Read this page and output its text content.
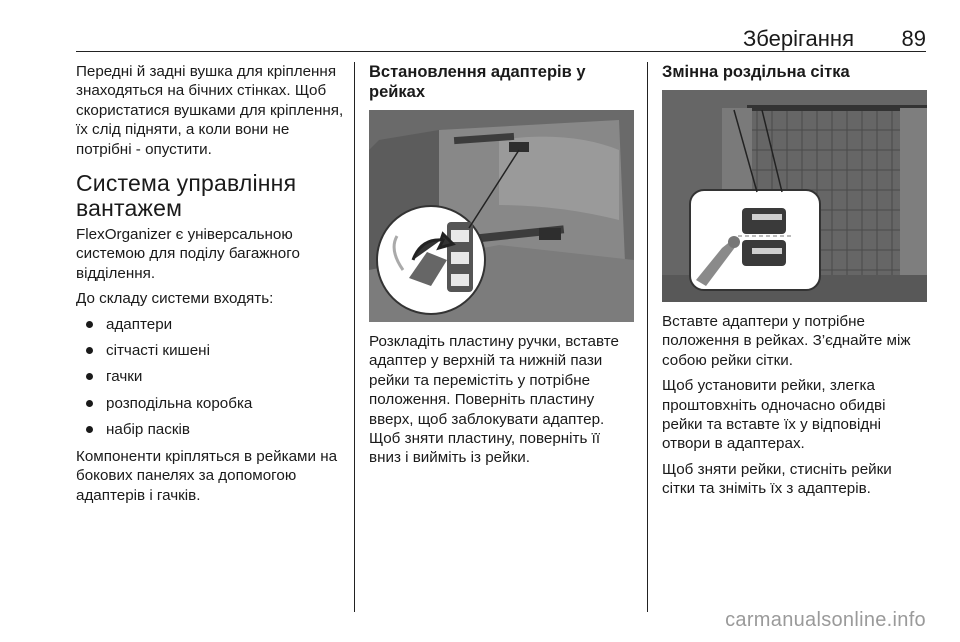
Зберігання 89

Передні й задні вушка для кріплення знаходяться на бічних стінках. Щоб скористатися вушками для кріплення, їх слід підняти, а коли вони не потрібні - опустити.

Система управління вантажем

FlexOrganizer є універсальною системою для поділу багажного відділення.

До складу системи входять:

адаптери
сітчасті кишені
гачки
розподільна коробка
набір пасків

Компоненти кріпляться в рейками на бокових панелях за допомогою адаптерів і гачків.

Встановлення адаптерів у рейках

Розкладіть пластину ручки, вставте адаптер у верхній та нижній пази рейки та перемістіть у потрібне положення. Поверніть пластину вверх, щоб заблокувати адаптер. Щоб зняти пластину, поверніть її вниз і вийміть із рейки.

Змінна роздільна сітка

Вставте адаптери у потрібне положення в рейках. З’єднайте між собою рейки сітки.

Щоб установити рейки, злегка проштовхніть одночасно обидві рейки та вставте їх у відповідні отвори в адаптерах.

Щоб зняти рейки, стисніть рейки сітки та зніміть їх з адаптерів.

carmanualsonline.info
